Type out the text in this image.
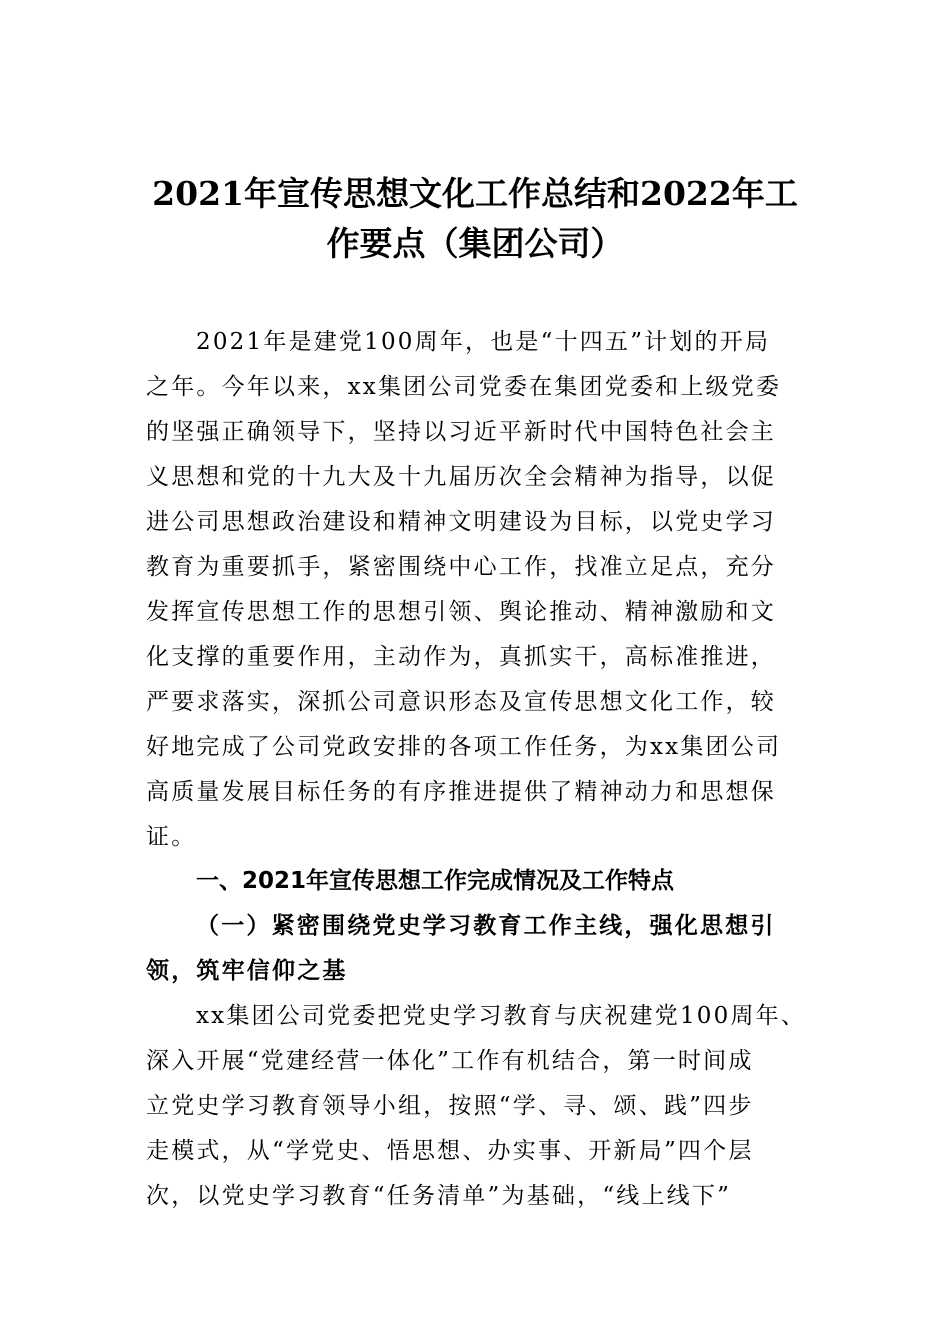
2021年宣传思想文化工作总结和2022年工
作要点（集团公司）
2021年是建党100周年，也是“十四五”计划的开局
之年。今年以来，xx集团公司党委在集团党委和上级党委
的坚强正确领导下，坚持以习近平新时代中国特色社会主
义思想和党的十九大及十九届历次全会精神为指导，以促
进公司思想政治建设和精神文明建设为目标，以党史学习
教育为重要抓手，紧密围绕中心工作，找准立足点，充分
发挥宣传思想工作的思想引领、舆论推动、精神激励和文
化支撑的重要作用，主动作为，真抓实干，高标准推进，
严要求落实，深抓公司意识形态及宣传思想文化工作，较
好地完成了公司党政安排的各项工作任务，为xx集团公司
高质量发展目标任务的有序推进提供了精神动力和思想保
证。
一、2021年宣传思想工作完成情况及工作特点
（一）紧密围绕党史学习教育工作主线，强化思想引
领，筑牢信仰之基
xx集团公司党委把党史学习教育与庆祝建党100周年、
深入开展“党建经营一体化”工作有机结合，第一时间成
立党史学习教育领导小组，按照“学、寻、颂、践”四步
走模式，从“学党史、悟思想、办实事、开新局”四个层
次，以党史学习教育“任务清单”为基础，“线上线下”
